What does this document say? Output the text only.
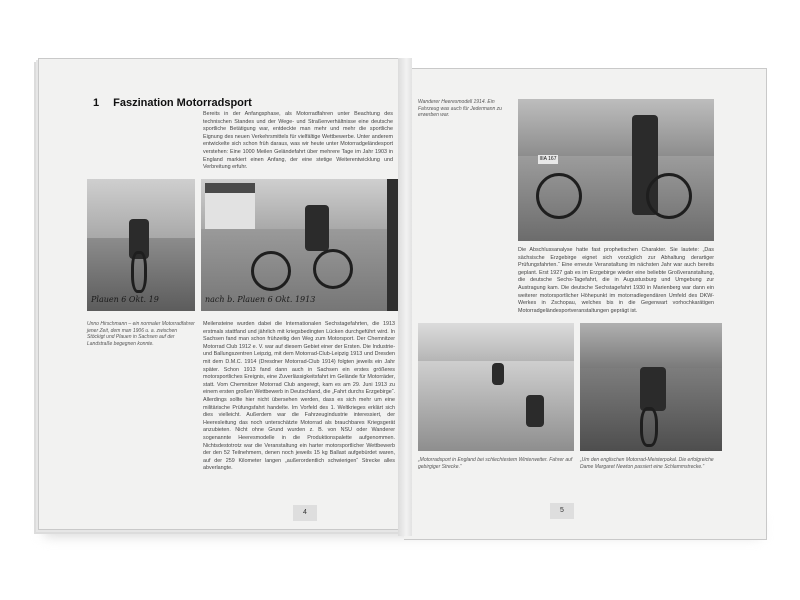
1 Faszination Motorradsport
Bereits in der Anfangsphase, als Motorradfahren unter Beachtung des technischen Standes und der Wege- und Straßenverhältnisse eine deutsche sportliche Betätigung war, entdeckte man mehr und mehr die sportliche Eignung des neuen Verkehrsmittels für vielfältige Wettbewerbe. Unter anderem entwickelte sich schon früh daraus, was wir heute unter Motorradgeländesport verstehen: Eine 1000 Meilen Geländefahrt über mehrere Tage im Jahr 1903 in England markiert einen Anfang, der eine stetige Weiterentwicklung und Verbreitung erfuhr.
Plauen 6 Okt. 19	nach b. Plauen 6 Okt. 1913
Unno Hirschmann – ein normaler Motorradfahrer jener Zeit, dem man 1906 u. a. zwischen Stöckigt und Plauen in Sachsen auf der Landstraße begegnen konnte.
Meilensteine wurden dabei die Internationalen Sechstagefahrten, die 1913 erstmals stattfand und jährlich mit kriegsbedingten Lücken durchgeführt wird. In Sachsen fand man schon frühzeitig den Weg zum Motorsport. Der Chemnitzer Motorrad Club 1912 e. V. war auf diesem Gebiet einer der Ersten. Die Industrie- und Ballungszentren Leipzig, mit dem Motorrad-Club-Leipzig 1913 und Dresden mit dem D.M.C. 1914 (Dresdner Motorrad-Club 1914) folgten jeweils ein Jahr später. Schon 1913 fand dann auch in Sachsen ein erstes größeres motorsportliches Ereignis, eine Zuverlässigkeitsfahrt im Gelände für Motorräder, statt. Vom Chemnitzer Motorrad Club angeregt, kam es am 29. Juni 1913 zu einem ersten großen Wettbewerb in Deutschland, die „Fahrt durchs Erzgebirge“. Allerdings sollte hier nicht übersehen werden, dass es sich mehr um eine militärische Prüfungsfahrt handelte. Im Vorfeld des 1. Weltkrieges erklärt sich dies vielleicht. Außerdem war die Fahrzeugindustrie interessiert, der Heeresleitung das noch unterschätzte Motorrad als brauchbares Kriegsgerät anzubieten. Nicht ohne Grund wurden z. B. von NSU oder Wanderer sogenannte Heeresmodelle in die Produktionspalette aufgenommen. Nichtsdestotrotz war die Veranstaltung ein harter motorsportlicher Wettbewerb der den 52 Teilnehmern, denen noch jeweils 15 kg Ballast aufgebürdet waren, auf der 259 Kilometer langen „außerordentlich schwierigen“ Strecke alles abverlangte.
4
Wanderer Heeresmodell 1914. Ein Fahrzeug was auch für Jedermann zu erwerben war.
IIIA 167
Die Abschlussanalyse hatte fast prophetischen Charakter. Sie lautete: „Das sächsische Erzgebirge eignet sich vorzüglich zur Abhaltung derartiger Prüfungsfahrten.“ Eine erneute Veranstaltung im nächsten Jahr war auch bereits geplant. Erst 1927 gab es im Erzgebirge wieder eine beliebte Großveranstaltung, die deutsche Sechs-Tagefahrt, die in Augustusburg und Umgebung zur Austragung kam. Die deutsche Sechstagefahrt 1930 in Marienberg war dann ein weiterer motorsportlicher Höhepunkt im motorradlegendären Umfeld des DKW-Werkes in Zschopau, welches bis in die Gegenwart vorhochkarätigen Motorradgeländesportveranstaltungen geprägt ist.
„Motorradsport in England bei schlechtestem Winterwetter. Fahrer auf gebirgiger Strecke.“
„Um den englischen Motorrad-Meisterpokal. Die erfolgreiche Dame Margaret Newton passiert eine Schlammstrecke.“
5
